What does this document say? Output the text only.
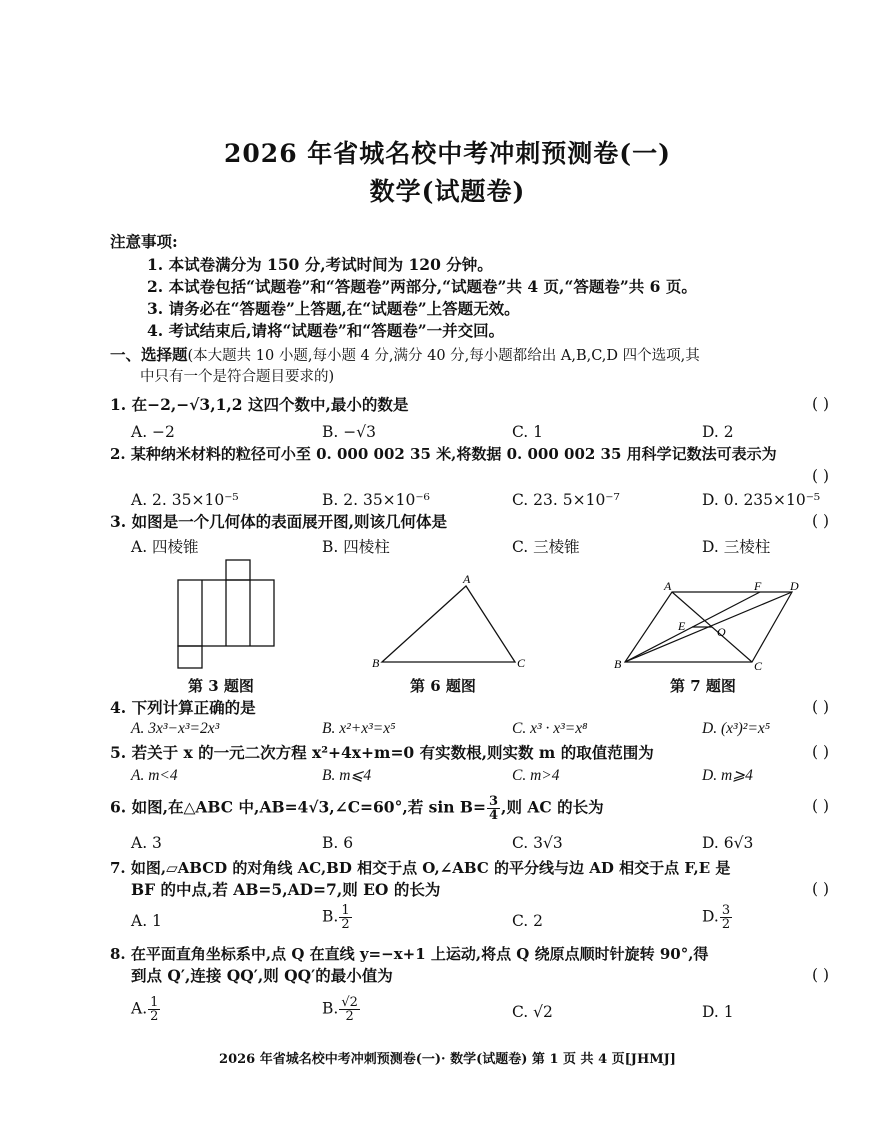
2026 年省城名校中考冲刺预测卷(一)
数学(试题卷)
注意事项:
1. 本试卷满分为 150 分,考试时间为 120 分钟。
2. 本试卷包括“试题卷”和“答题卷”两部分,“试题卷”共 4 页,“答题卷”共 6 页。
3. 请务必在“答题卷”上答题,在“试题卷”上答题无效。
4. 考试结束后,请将“试题卷”和“答题卷”一并交回。
一、选择题(本大题共 10 小题,每小题 4 分,满分 40 分,每小题都给出 A,B,C,D 四个选项,其
中只有一个是符合题目要求的)
1. 在−2,−√3,1,2 这四个数中,最小的数是	( )
A. −2	B. −√3	C. 1	D. 2
2. 某种纳米材料的粒径可小至 0. 000 002 35 米,将数据 0. 000 002 35 用科学记数法可表示为
( )
A. 2. 35×10⁻⁵	B. 2. 35×10⁻⁶	C. 23. 5×10⁻⁷	D. 0. 235×10⁻⁵
3. 如图是一个几何体的表面展开图,则该几何体是	( )
A. 四棱锥	B. 四棱柱	C. 三棱锥	D. 三棱柱
第 3 题图
A
B	C
第 6 题图
A	F D
E	O
B	C
第 7 题图
4. 下列计算正确的是	( )
A. 3x³−x³=2x³	B. x²+x³=x⁵	C. x³ · x³=x⁸	D. (x³)²=x⁵
5. 若关于 x 的一元二次方程 x²+4x+m=0 有实数根,则实数 m 的取值范围为	( )
A. m<4	B. m⩽4	C. m>4	D. m⩾4
6. 如图,在△ABC 中,AB=4√3,∠C=60°,若 $\sin B= \frac{3}{4}$ ,则 AC 的长为	( )
A. 3	B. 6	C. 3√3	D. 6√3
7. 如图,▱ABCD 的对角线 AC,BD 相交于点 O,∠ABC 的平分线与边 AD 相交于点 F,E 是
BF 的中点,若 AB=5,AD=7,则 EO 的长为	( )
A. 1	B. $\frac{1}{2}$	C. 2	D. $\frac{3}{2}$
8. 在平面直角坐标系中,点 Q 在直线 y=−x+1 上运动,将点 Q 绕原点顺时针旋转 90°,得
到点 Q′,连接 QQ′,则 QQ′的最小值为	( )
A. $\frac{1}{2}$	B. $\frac{√2}{2}$	C. √2	D. 1
2026 年省城名校中考冲刺预测卷(一)· 数学(试题卷) 第 1 页 共 4 页[JHMJ]
